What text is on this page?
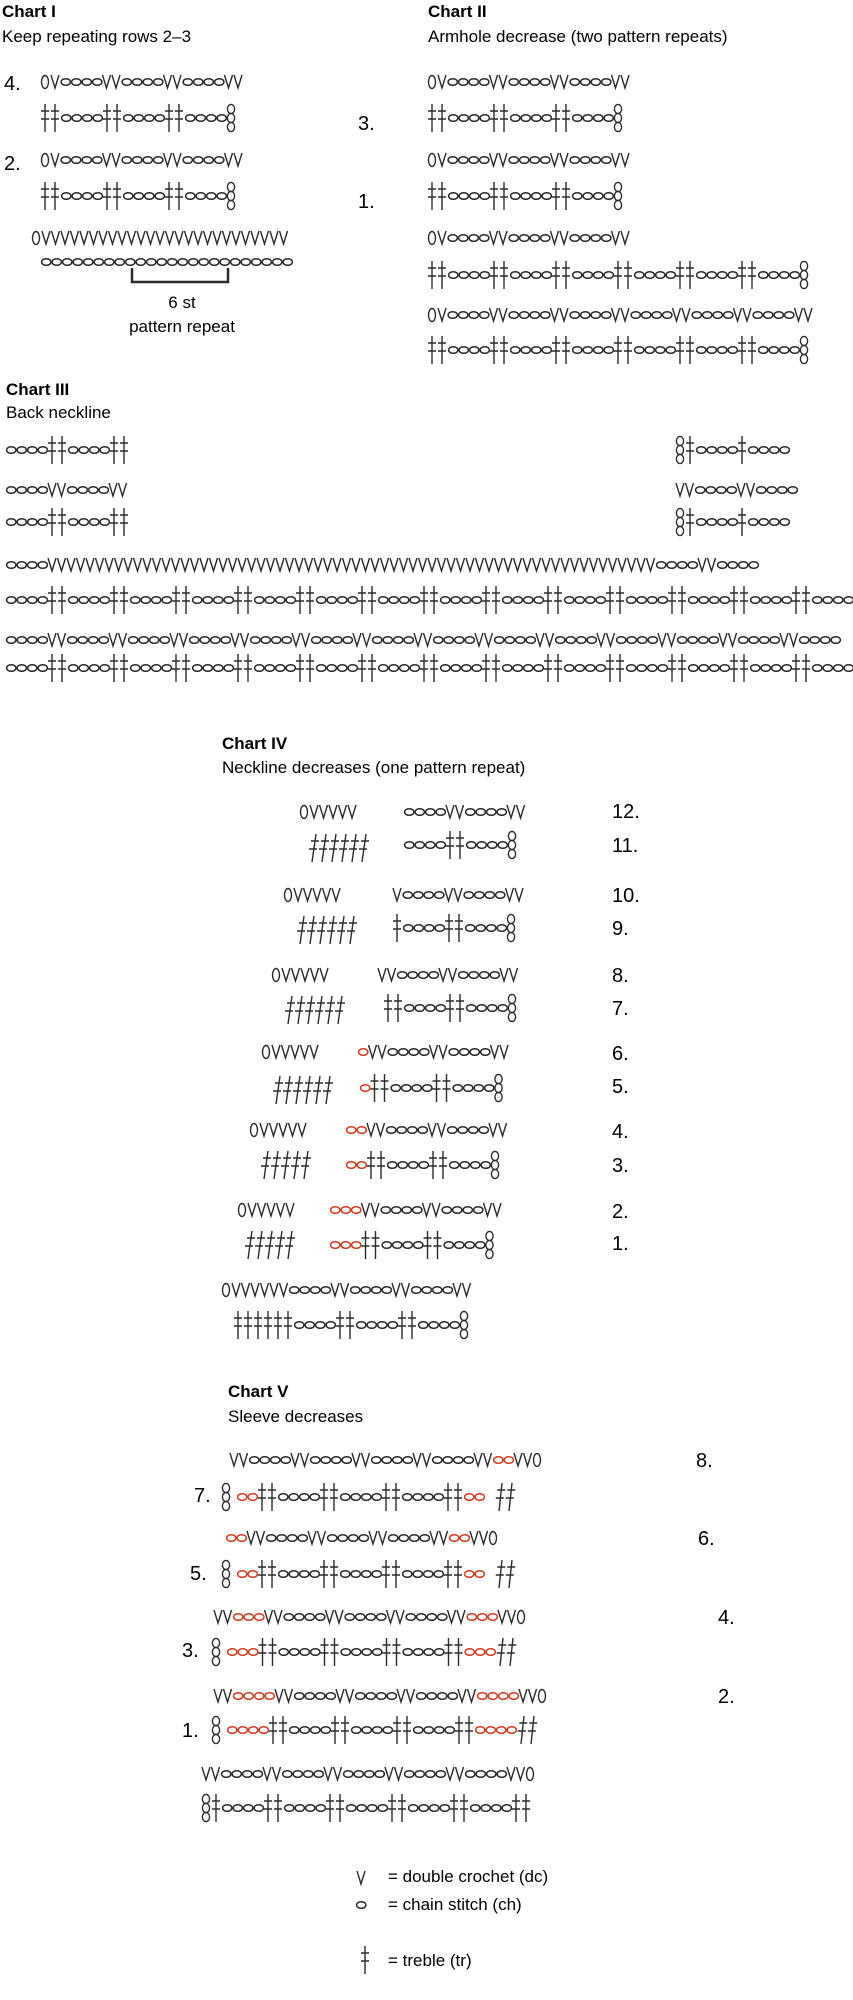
Chart I
Keep repeating rows 2–3
4.
3.
2.
1.
6 st
pattern repeat
Chart II
Armhole decrease (two pattern repeats)
Chart III
Back neckline
Chart IV
Neckline decreases (one pattern repeat)
12.
11.
10.
9.
8.
7.
6.
5.
4.
3.
2.
1.
Chart V
Sleeve decreases
8.
7.
6.
5.
4.
3.
2.
1.
= double crochet (dc)
= chain stitch (ch)
= treble (tr)
